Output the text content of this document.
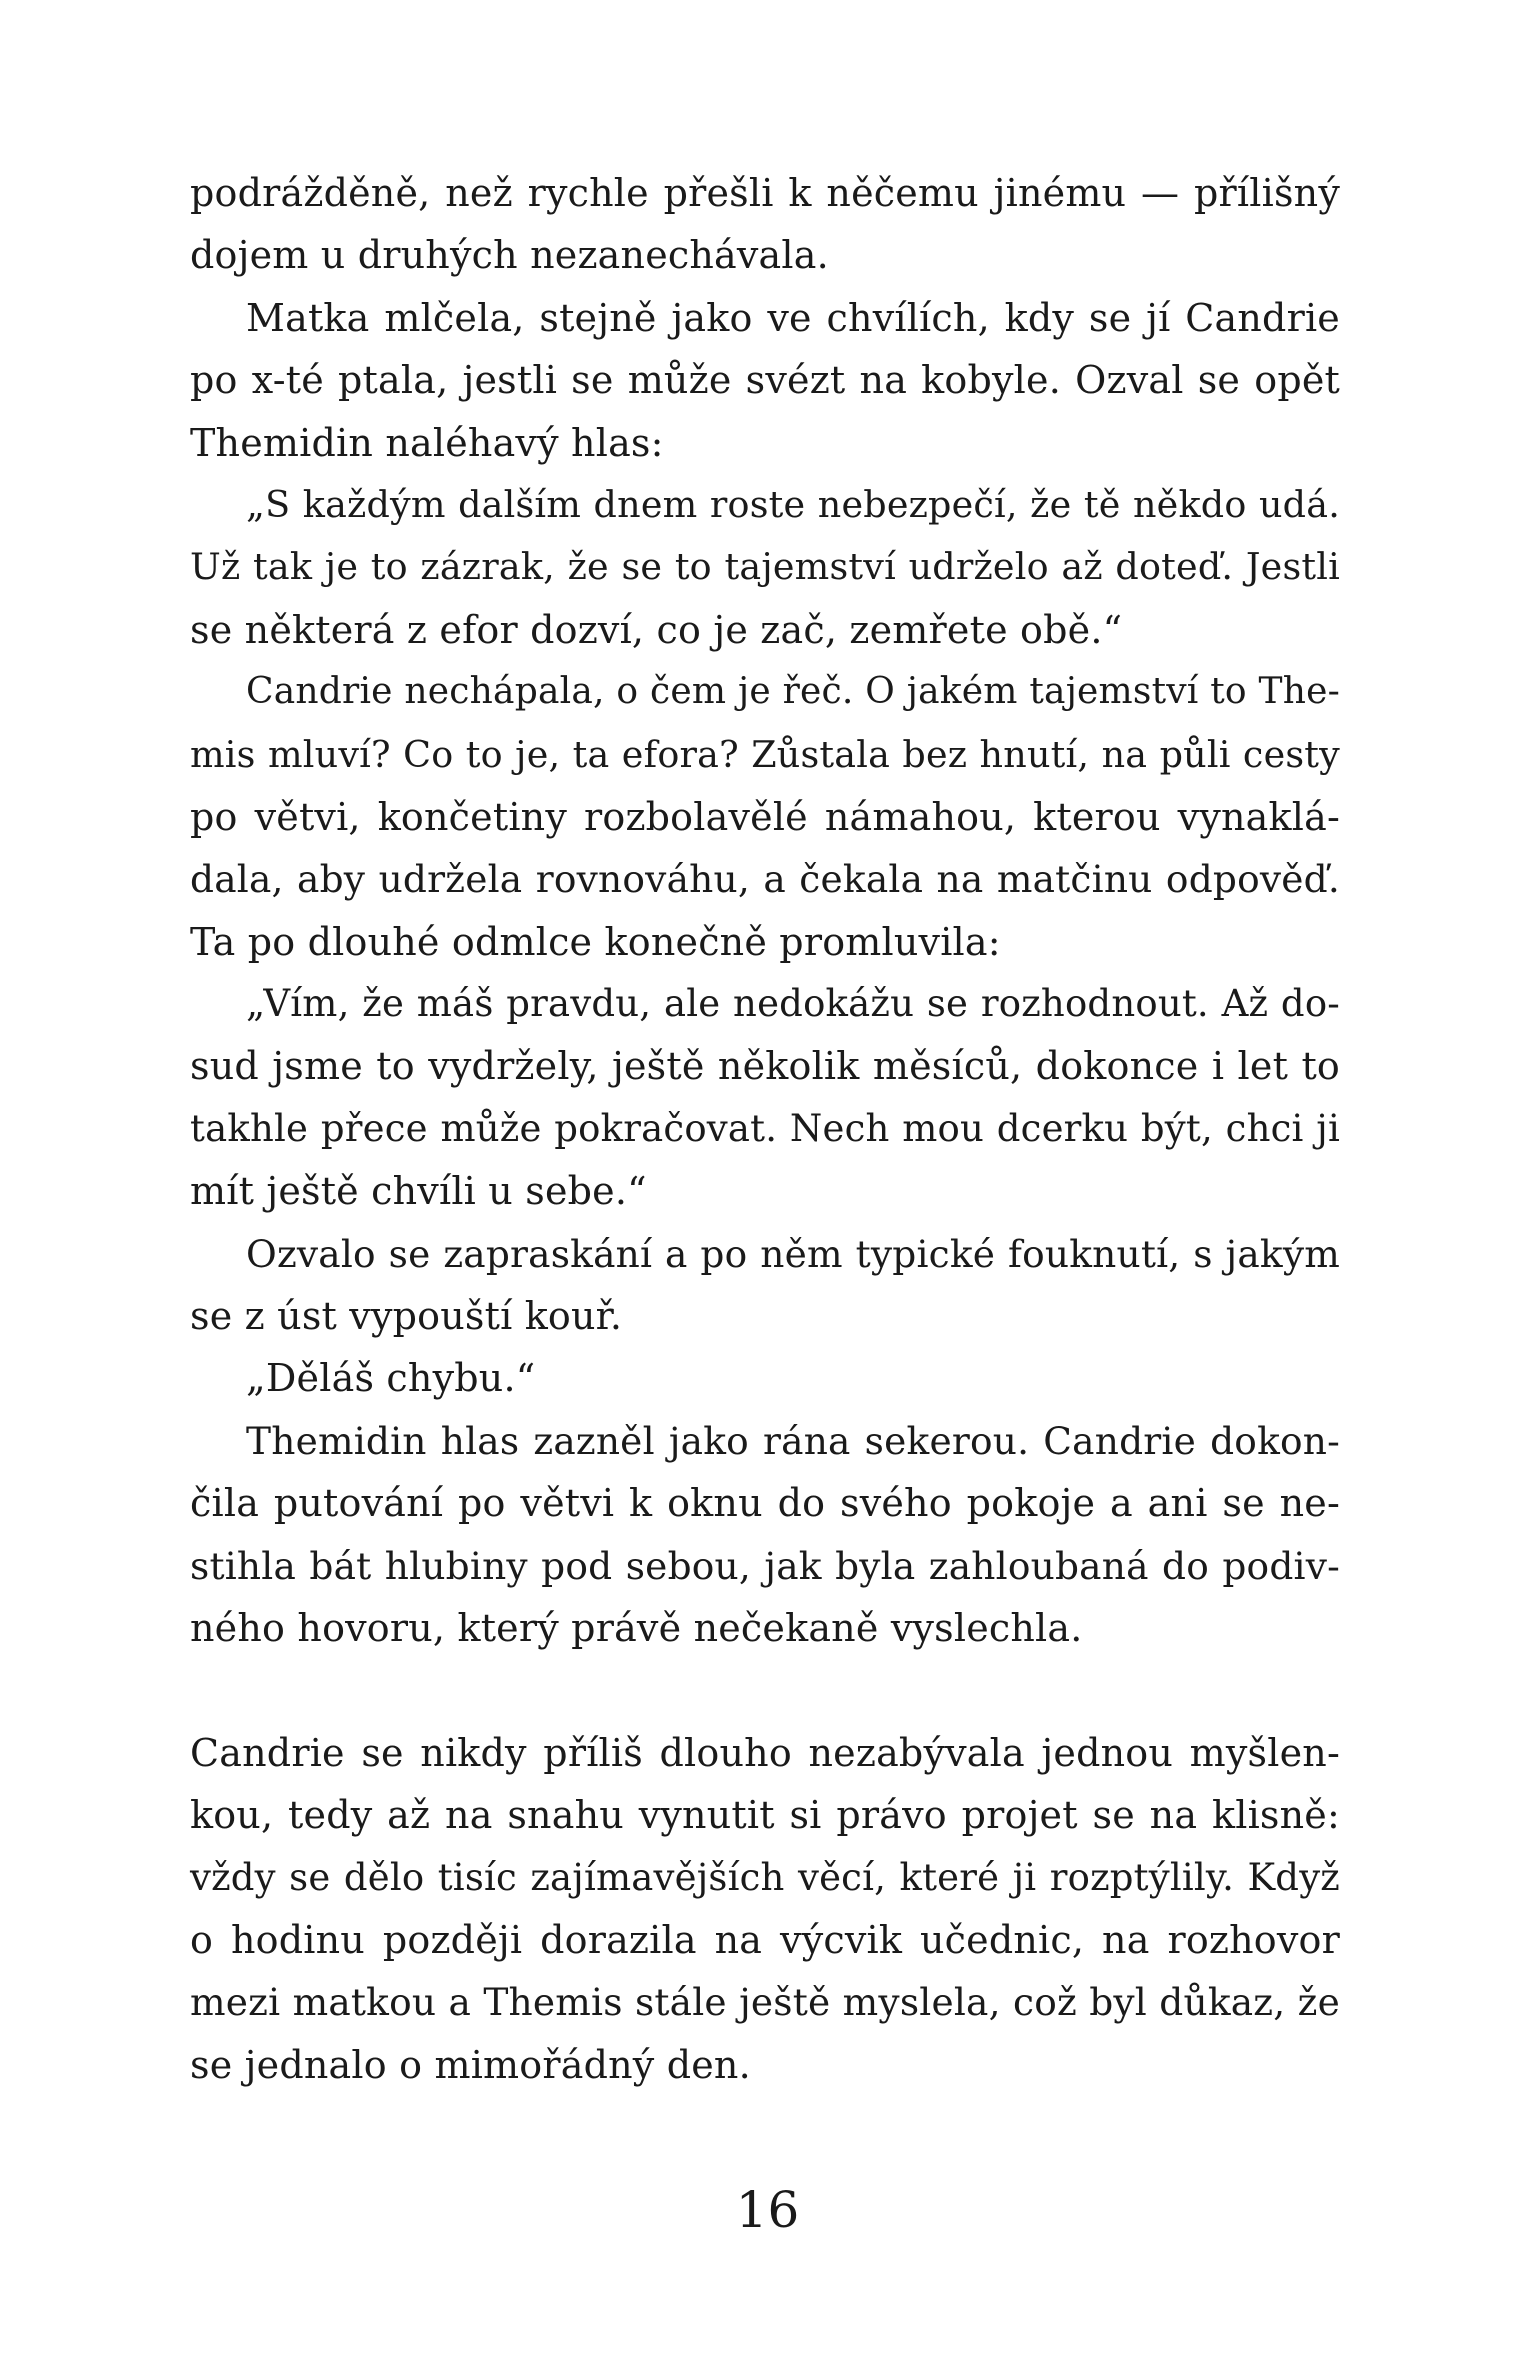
podrážděně, než rychle přešli k něčemu jinému — přílišný
dojem u druhých nezanechávala.
Matka mlčela, stejně jako ve chvílích, kdy se jí Candrie
po x-té ptala, jestli se může svézt na kobyle. Ozval se opět
Themidin naléhavý hlas:
„S každým dalším dnem roste nebezpečí, že tě někdo udá.
Už tak je to zázrak, že se to tajemství udrželo až doteď. Jestli
se některá z efor dozví, co je zač, zemřete obě.“
Candrie nechápala, o čem je řeč. O jakém tajemství to The-
mis mluví? Co to je, ta efora? Zůstala bez hnutí, na půli cesty
po větvi, končetiny rozbolavělé námahou, kterou vynaklá-
dala, aby udržela rovnováhu, a čekala na matčinu odpověď.
Ta po dlouhé odmlce konečně promluvila:
„Vím, že máš pravdu, ale nedokážu se rozhodnout. Až do-
sud jsme to vydržely, ještě několik měsíců, dokonce i let to
takhle přece může pokračovat. Nech mou dcerku být, chci ji
mít ještě chvíli u sebe.“
Ozvalo se zapraskání a po něm typické fouknutí, s jakým
se z úst vypouští kouř.
„Děláš chybu.“
Themidin hlas zazněl jako rána sekerou. Candrie dokon-
čila putování po větvi k oknu do svého pokoje a ani se ne-
stihla bát hlubiny pod sebou, jak byla zahloubaná do podiv-
ného hovoru, který právě nečekaně vyslechla.
Candrie se nikdy příliš dlouho nezabývala jednou myšlen-
kou, tedy až na snahu vynutit si právo projet se na klisně:
vždy se dělo tisíc zajímavějších věcí, které ji rozptýlily. Když
o hodinu později dorazila na výcvik učednic, na rozhovor
mezi matkou a Themis stále ještě myslela, což byl důkaz, že
se jednalo o mimořádný den.
16
